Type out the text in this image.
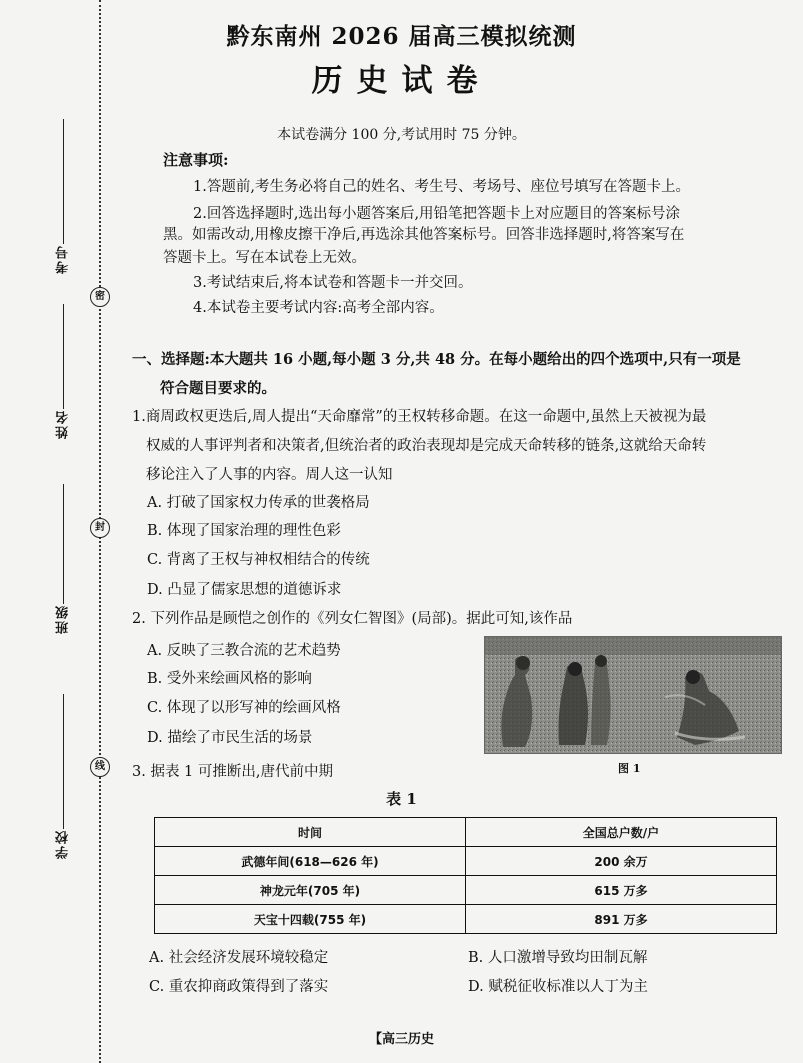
密
封
线
考号
姓名
班级
学校
黔东南州 2026 届高三模拟统测
历史试卷
本试卷满分 100 分,考试用时 75 分钟。
注意事项:
1.答题前,考生务必将自己的姓名、考生号、考场号、座位号填写在答题卡上。
2.回答选择题时,选出每小题答案后,用铅笔把答题卡上对应题目的答案标号涂
黑。如需改动,用橡皮擦干净后,再选涂其他答案标号。回答非选择题时,将答案写在
答题卡上。写在本试卷上无效。
3.考试结束后,将本试卷和答题卡一并交回。
4.本试卷主要考试内容:高考全部内容。
一、选择题:本大题共 16 小题,每小题 3 分,共 48 分。在每小题给出的四个选项中,只有一项是
符合题目要求的。
1.商周政权更迭后,周人提出“天命靡常”的王权转移命题。在这一命题中,虽然上天被视为最
权威的人事评判者和决策者,但统治者的政治表现却是完成天命转移的链条,这就给天命转
移论注入了人事的内容。周人这一认知
A. 打破了国家权力传承的世袭格局
B. 体现了国家治理的理性色彩
C. 背离了王权与神权相结合的传统
D. 凸显了儒家思想的道德诉求
2. 下列作品是顾恺之创作的《列女仁智图》(局部)。据此可知,该作品
A. 反映了三教合流的艺术趋势
B. 受外来绘画风格的影响
C. 体现了以形写神的绘画风格
D. 描绘了市民生活的场景
图 1
3. 据表 1 可推断出,唐代前中期
表 1
时间	全国总户数/户
武德年间(618—626 年)	200 余万
神龙元年(705 年)	615 万多
天宝十四载(755 年)	891 万多
A. 社会经济发展环境较稳定	B. 人口激增导致均田制瓦解
C. 重农抑商政策得到了落实	D. 赋税征收标准以人丁为主
【高三历史
